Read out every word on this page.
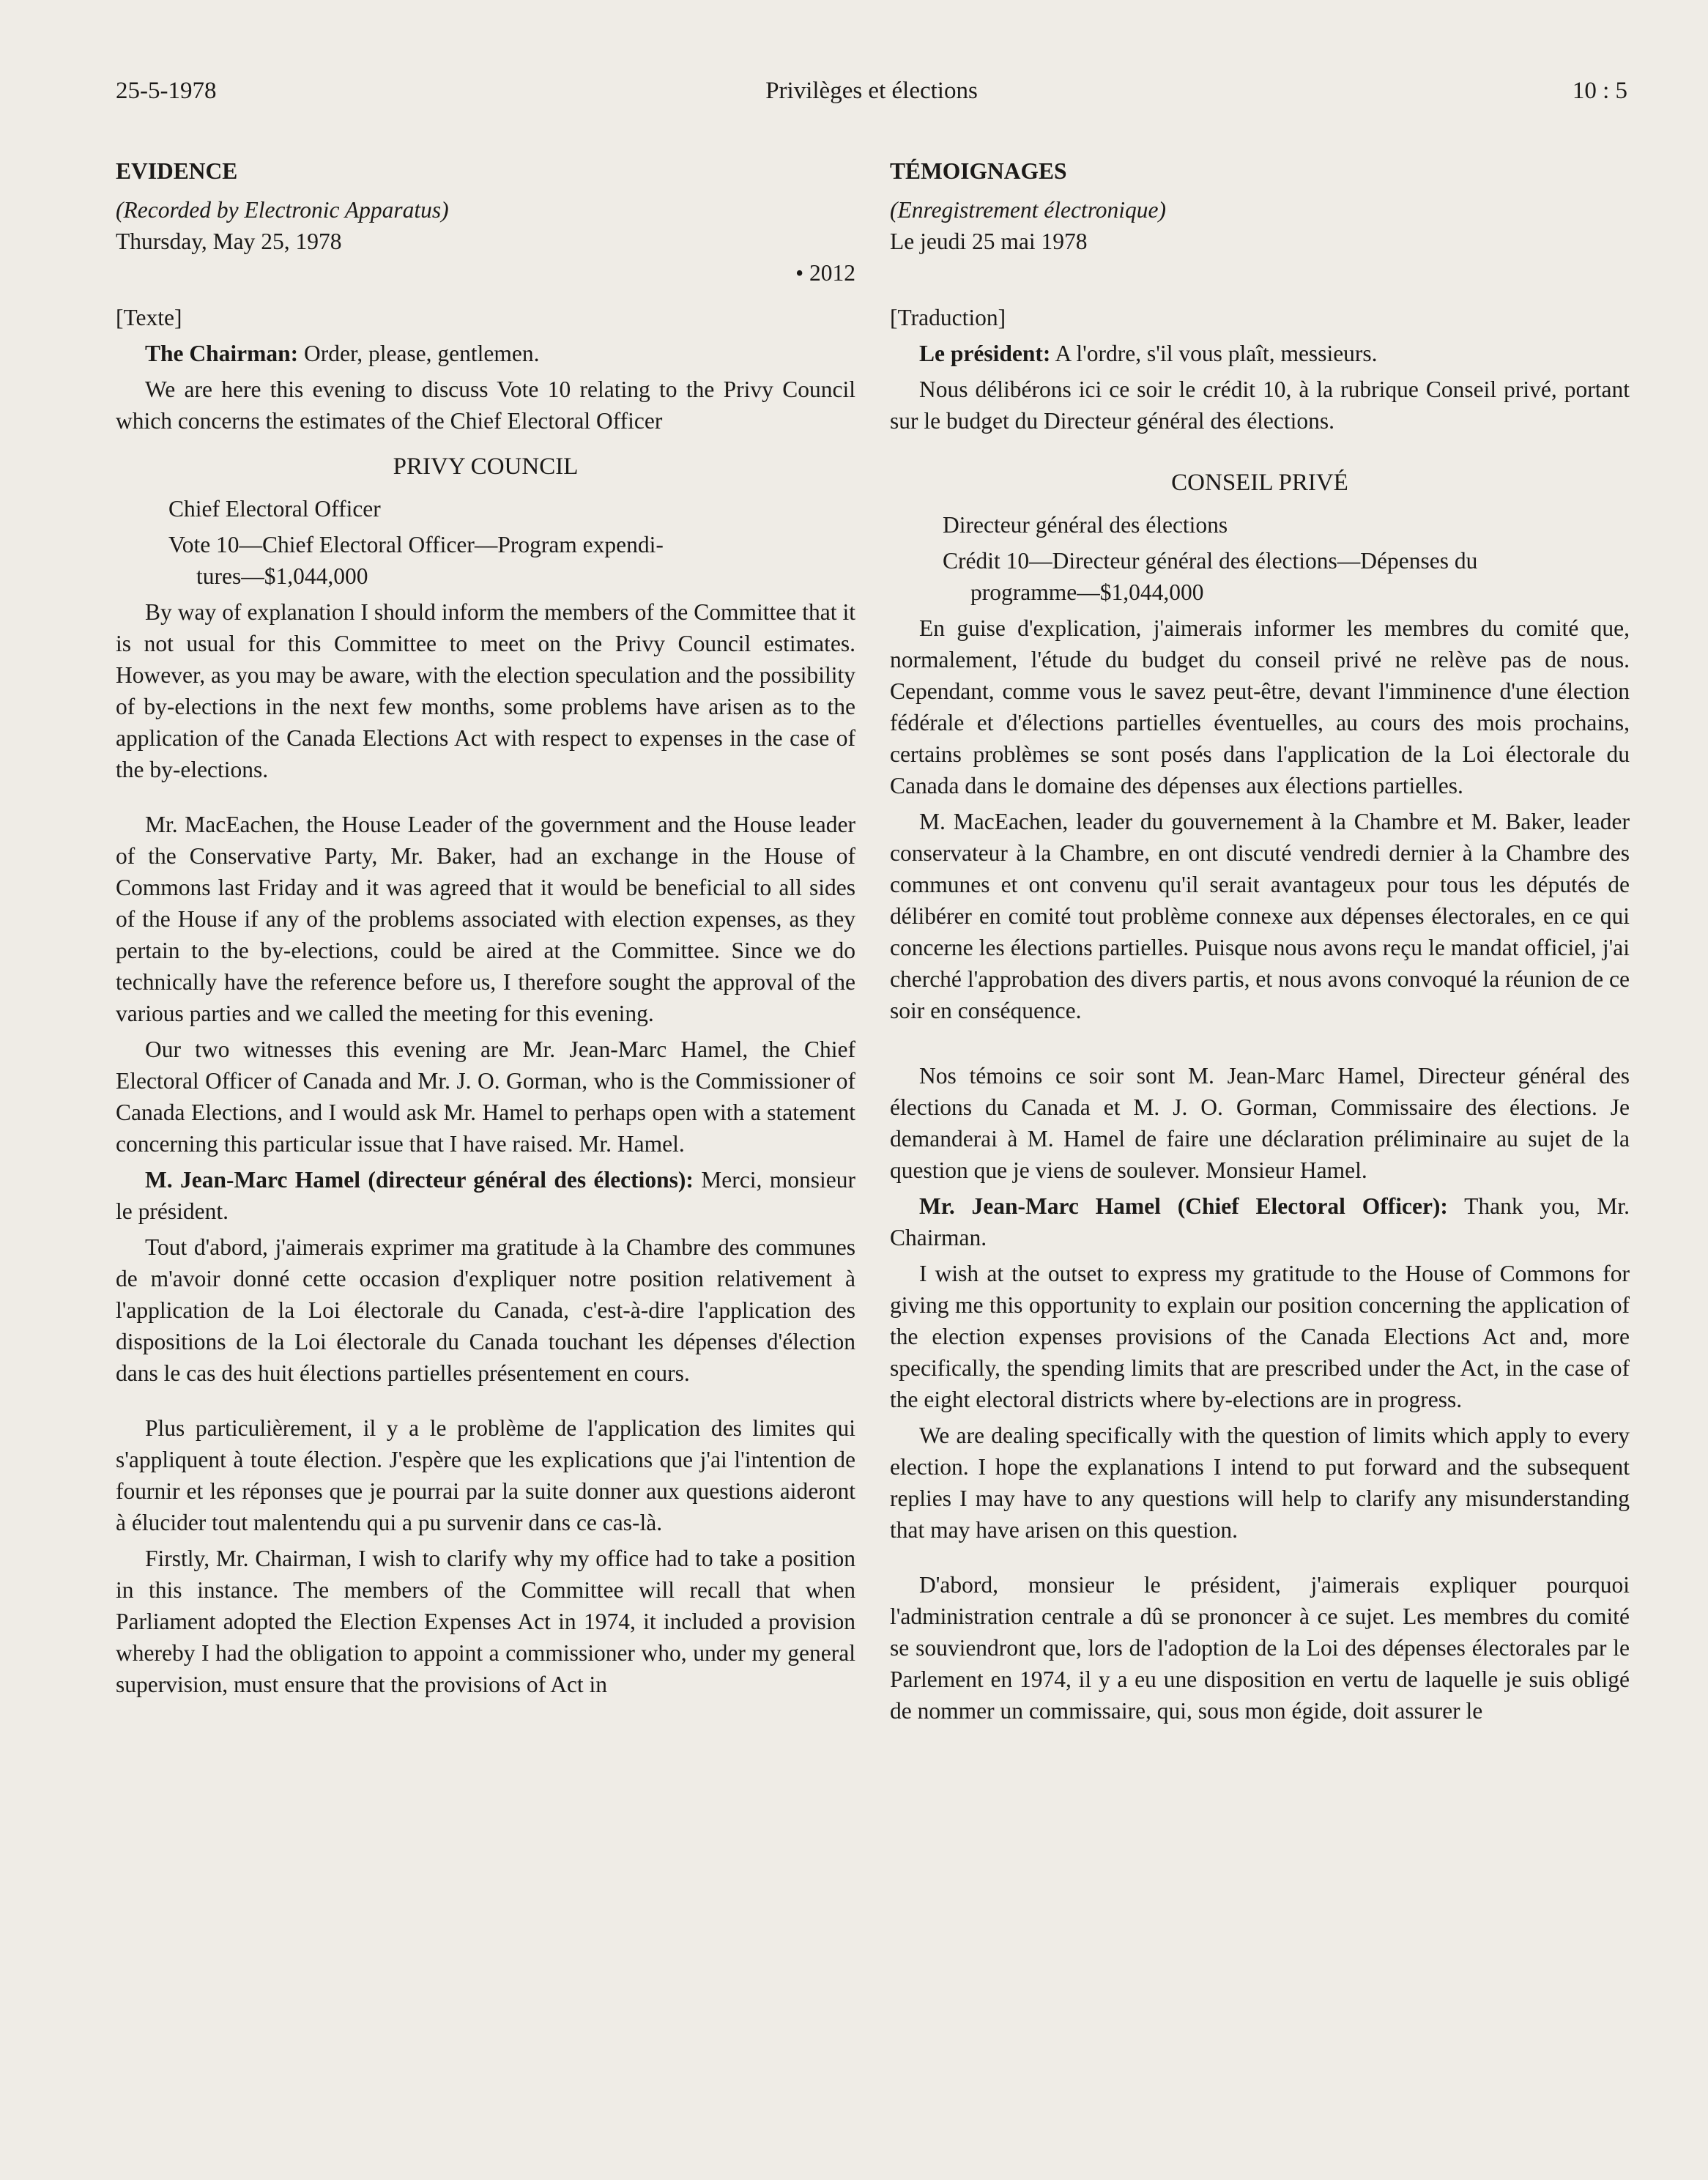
25-5-1978	Privilèges et élections	10 : 5

EVIDENCE

(Recorded by Electronic Apparatus)

Thursday, May 25, 1978

• 2012

[Texte]

The Chairman: Order, please, gentlemen.

We are here this evening to discuss Vote 10 relating to the Privy Council which concerns the estimates of the Chief Electoral Officer

PRIVY COUNCIL

Chief Electoral Officer

Vote 10—Chief Electoral Officer—Program expendi-
tures—$1,044,000

By way of explanation I should inform the members of the Committee that it is not usual for this Committee to meet on the Privy Council estimates. However, as you may be aware, with the election speculation and the possibility of by-elections in the next few months, some problems have arisen as to the application of the Canada Elections Act with respect to expenses in the case of the by-elections.

Mr. MacEachen, the House Leader of the government and the House leader of the Conservative Party, Mr. Baker, had an exchange in the House of Commons last Friday and it was agreed that it would be beneficial to all sides of the House if any of the problems associated with election expenses, as they pertain to the by-elections, could be aired at the Committee. Since we do technically have the reference before us, I therefore sought the approval of the various parties and we called the meeting for this evening.

Our two witnesses this evening are Mr. Jean-Marc Hamel, the Chief Electoral Officer of Canada and Mr. J. O. Gorman, who is the Commissioner of Canada Elections, and I would ask Mr. Hamel to perhaps open with a statement concerning this particular issue that I have raised. Mr. Hamel.

M. Jean-Marc Hamel (directeur général des élections): Merci, monsieur le président.

Tout d'abord, j'aimerais exprimer ma gratitude à la Chambre des communes de m'avoir donné cette occasion d'expliquer notre position relativement à l'application de la Loi électorale du Canada, c'est-à-dire l'application des dispositions de la Loi électorale du Canada touchant les dépenses d'élection dans le cas des huit élections partielles présentement en cours.

Plus particulièrement, il y a le problème de l'application des limites qui s'appliquent à toute élection. J'espère que les explications que j'ai l'intention de fournir et les réponses que je pourrai par la suite donner aux questions aideront à élucider tout malentendu qui a pu survenir dans ce cas-là.

Firstly, Mr. Chairman, I wish to clarify why my office had to take a position in this instance. The members of the Committee will recall that when Parliament adopted the Election Expenses Act in 1974, it included a provision whereby I had the obligation to appoint a commissioner who, under my general supervision, must ensure that the provisions of Act in

TÉMOIGNAGES

(Enregistrement électronique)

Le jeudi 25 mai 1978

[Traduction]

Le président: A l'ordre, s'il vous plaît, messieurs.

Nous délibérons ici ce soir le crédit 10, à la rubrique Conseil privé, portant sur le budget du Directeur général des élections.

CONSEIL PRIVÉ

Directeur général des élections

Crédit 10—Directeur général des élections—Dépenses du
programme—$1,044,000

En guise d'explication, j'aimerais informer les membres du comité que, normalement, l'étude du budget du conseil privé ne relève pas de nous. Cependant, comme vous le savez peut-être, devant l'imminence d'une élection fédérale et d'élections partielles éventuelles, au cours des mois prochains, certains problèmes se sont posés dans l'application de la Loi électorale du Canada dans le domaine des dépenses aux élections partielles.

M. MacEachen, leader du gouvernement à la Chambre et M. Baker, leader conservateur à la Chambre, en ont discuté vendredi dernier à la Chambre des communes et ont convenu qu'il serait avantageux pour tous les députés de délibérer en comité tout problème connexe aux dépenses électorales, en ce qui concerne les élections partielles. Puisque nous avons reçu le mandat officiel, j'ai cherché l'approbation des divers partis, et nous avons convoqué la réunion de ce soir en conséquence.

Nos témoins ce soir sont M. Jean-Marc Hamel, Directeur général des élections du Canada et M. J. O. Gorman, Commissaire des élections. Je demanderai à M. Hamel de faire une déclaration préliminaire au sujet de la question que je viens de soulever. Monsieur Hamel.

Mr. Jean-Marc Hamel (Chief Electoral Officer): Thank you, Mr. Chairman.

I wish at the outset to express my gratitude to the House of Commons for giving me this opportunity to explain our position concerning the application of the election expenses provisions of the Canada Elections Act and, more specifically, the spending limits that are prescribed under the Act, in the case of the eight electoral districts where by-elections are in progress.

We are dealing specifically with the question of limits which apply to every election. I hope the explanations I intend to put forward and the subsequent replies I may have to any questions will help to clarify any misunderstanding that may have arisen on this question.

D'abord, monsieur le président, j'aimerais expliquer pourquoi l'administration centrale a dû se prononcer à ce sujet. Les membres du comité se souviendront que, lors de l'adoption de la Loi des dépenses électorales par le Parlement en 1974, il y a eu une disposition en vertu de laquelle je suis obligé de nommer un commissaire, qui, sous mon égide, doit assurer le
